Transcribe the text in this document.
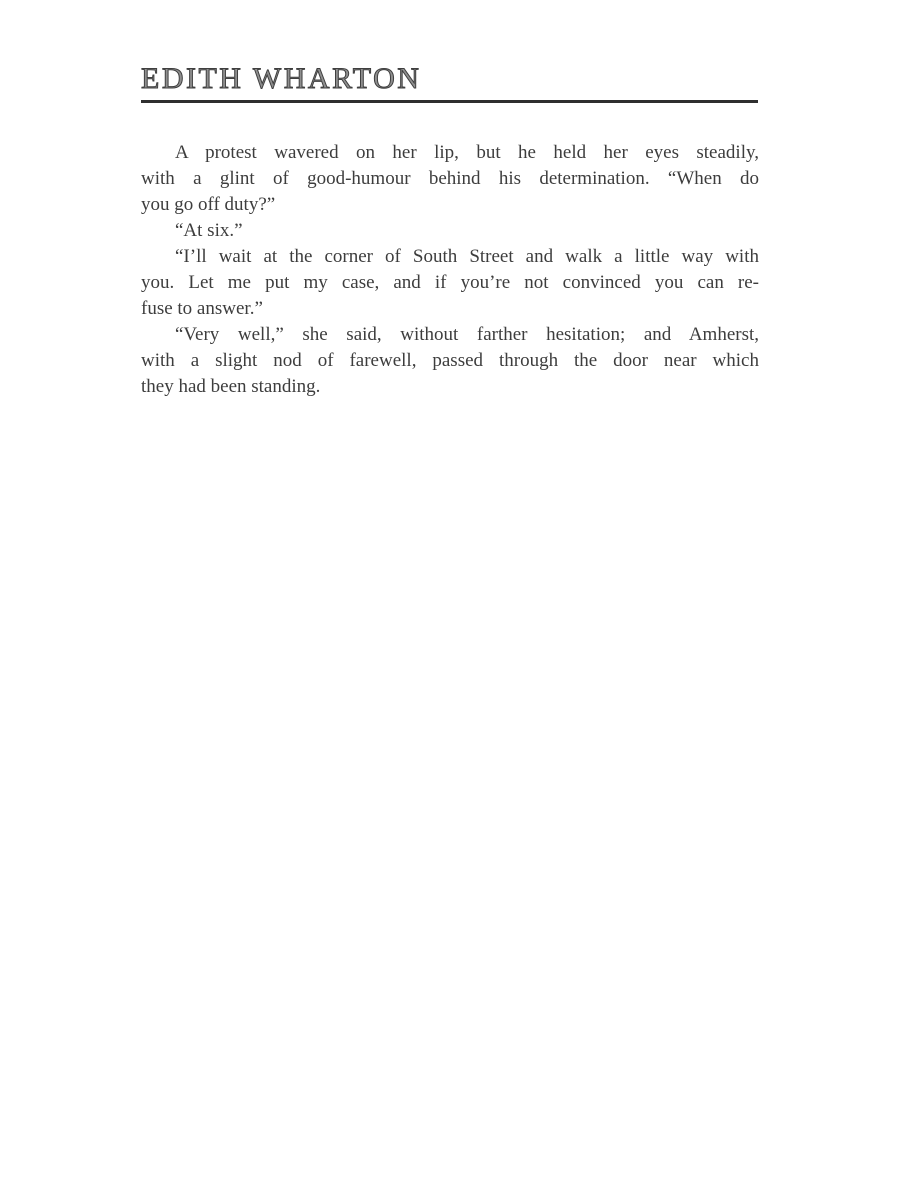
EDITH WHARTON
A protest wavered on her lip, but he held her eyes steadily,
with a glint of good-humour behind his determination. “When do
you go off duty?”
“At six.”
“I’ll wait at the corner of South Street and walk a little way with
you. Let me put my case, and if you’re not convinced you can re-
fuse to answer.”
“Very well,” she said, without farther hesitation; and Amherst,
with a slight nod of farewell, passed through the door near which
they had been standing.
